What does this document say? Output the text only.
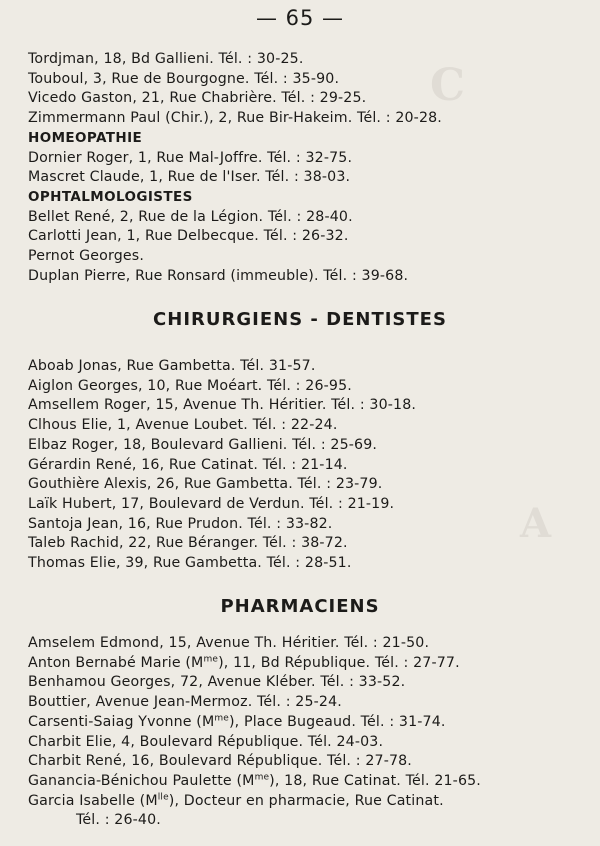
C
A
— 65 —
Tordjman, 18, Bd Gallieni. Tél. : 30-25.
Touboul, 3, Rue de Bourgogne. Tél. : 35-90.
Vicedo Gaston, 21, Rue Chabrière. Tél. : 29-25.
Zimmermann Paul (Chir.), 2, Rue Bir-Hakeim. Tél. : 20-28.
HOMEOPATHIE
Dornier Roger, 1, Rue Mal-Joffre. Tél. : 32-75.
Mascret Claude, 1, Rue de l'Iser. Tél. : 38-03.
OPHTALMOLOGISTES
Bellet René, 2, Rue de la Légion. Tél. : 28-40.
Carlotti Jean, 1, Rue Delbecque. Tél. : 26-32.
Pernot Georges.
Duplan Pierre, Rue Ronsard (immeuble). Tél. : 39-68.
CHIRURGIENS - DENTISTES
Aboab Jonas, Rue Gambetta. Tél. 31-57.
Aiglon Georges, 10, Rue Moéart. Tél. : 26-95.
Amsellem Roger, 15, Avenue Th. Héritier. Tél. : 30-18.
Clhous Elie, 1, Avenue Loubet. Tél. : 22-24.
Elbaz Roger, 18, Boulevard Gallieni. Tél. : 25-69.
Gérardin René, 16, Rue Catinat. Tél. : 21-14.
Gouthière Alexis, 26, Rue Gambetta. Tél. : 23-79.
Laïk Hubert, 17, Boulevard de Verdun. Tél. : 21-19.
Santoja Jean, 16, Rue Prudon. Tél. : 33-82.
Taleb Rachid, 22, Rue Béranger. Tél. : 38-72.
Thomas Elie, 39, Rue Gambetta. Tél. : 28-51.
PHARMACIENS
Amselem Edmond, 15, Avenue Th. Héritier. Tél. : 21-50.
Anton Bernabé Marie $(M^{me})$, 11, Bd République. Tél. : 27-77.
Benhamou Georges, 72, Avenue Kléber. Tél. : 33-52.
Bouttier, Avenue Jean-Mermoz. Tél. : 25-24.
Carsenti-Saiag Yvonne $(M^{me})$, Place Bugeaud. Tél. : 31-74.
Charbit Elie, 4, Boulevard République. Tél. 24-03.
Charbit René, 16, Boulevard République. Tél. : 27-78.
Ganancia-Bénichou Paulette $(M^{me})$, 18, Rue Catinat. Tél. 21-65.
Garcia Isabelle $(M^{lle})$, Docteur en pharmacie, Rue Catinat.
Tél. : 26-40.
